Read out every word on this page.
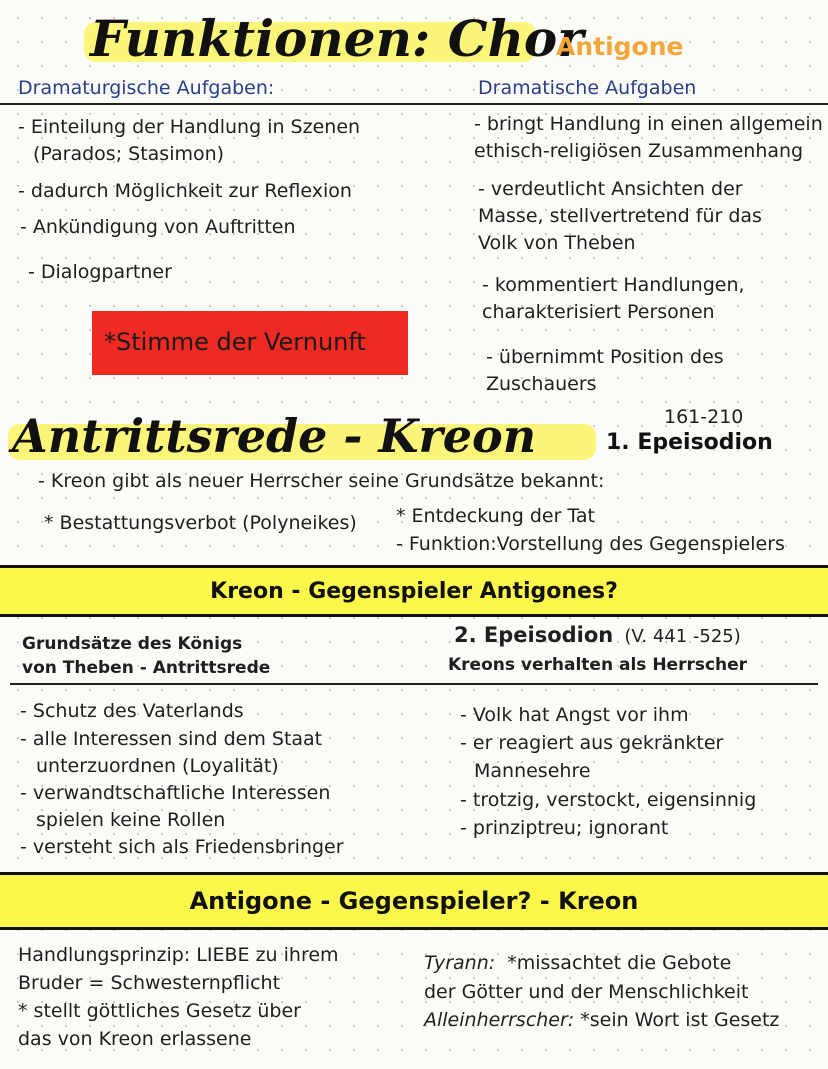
Funktionen: Chor
Antigone
Dramaturgische Aufgaben:	Dramatische Aufgaben
- Einteilung der Handlung in Szenen
(Parados; Stasimon)
- dadurch Möglichkeit zur Reflexion
- Ankündigung von Auftritten
- Dialogpartner
*Stimme der Vernunft
- bringt Handlung in einen allgemein
ethisch-religiösen Zusammenhang
- verdeutlicht Ansichten der
Masse, stellvertretend für das
Volk von Theben
- kommentiert Handlungen,
charakterisiert Personen
- übernimmt Position des
Zuschauers
Antrittsrede - Kreon	161-210
1. Epeisodion
- Kreon gibt als neuer Herrscher seine Grundsätze bekannt:
* Bestattungsverbot (Polyneikes) * Entdeckung der Tat
- Funktion:Vorstellung des Gegenspielers
Kreon - Gegenspieler Antigones?
Grundsätze des Königs
von Theben - Antrittsrede
2. Epeisodion (V. 441 -525)
Kreons verhalten als Herrscher
- Schutz des Vaterlands
- alle Interessen sind dem Staat
unterzuordnen (Loyalität)
- verwandtschaftliche Interessen
spielen keine Rollen
- versteht sich als Friedensbringer
- Volk hat Angst vor ihm
- er reagiert aus gekränkter
Mannesehre
- trotzig, verstockt, eigensinnig
- prinziptreu; ignorant
Antigone - Gegenspieler? - Kreon
Handlungsprinzip: LIEBE zu ihrem
Bruder = Schwesternpflicht
* stellt göttliches Gesetz über
das von Kreon erlassene
Tyrann:  *missachtet die Gebote
der Götter und der Menschlichkeit
Alleinherrscher: *sein Wort ist Gesetz
